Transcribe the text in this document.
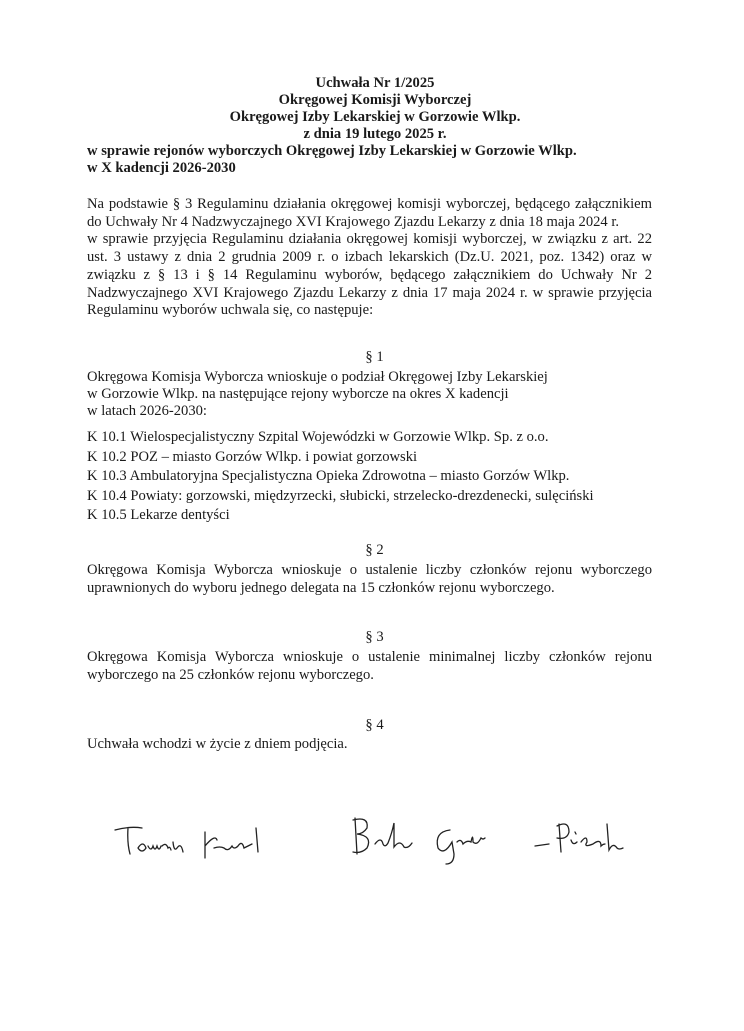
Uchwała Nr 1/2025
Okręgowej Komisji Wyborczej
Okręgowej Izby Lekarskiej w Gorzowie Wlkp.
z dnia 19 lutego 2025 r.
w sprawie rejonów wyborczych Okręgowej Izby Lekarskiej w Gorzowie Wlkp.
w X kadencji 2026-2030
Na podstawie § 3 Regulaminu działania okręgowej komisji wyborczej, będącego załącznikiem
do Uchwały Nr 4 Nadzwyczajnego XVI Krajowego Zjazdu Lekarzy z dnia 18 maja 2024 r.
w sprawie przyjęcia Regulaminu działania okręgowej komisji wyborczej, w związku z art. 22
ust. 3 ustawy z dnia 2 grudnia 2009 r. o izbach lekarskich (Dz.U. 2021, poz. 1342) oraz w
związku z § 13 i § 14 Regulaminu wyborów, będącego załącznikiem do Uchwały Nr 2
Nadzwyczajnego XVI Krajowego Zjazdu Lekarzy z dnia 17 maja 2024 r. w sprawie przyjęcia
Regulaminu wyborów uchwala się, co następuje:
§ 1
Okręgowa Komisja Wyborcza wnioskuje o podział Okręgowej Izby Lekarskiej
w Gorzowie Wlkp. na następujące rejony wyborcze na okres X kadencji
w latach 2026-2030:
K 10.1 Wielospecjalistyczny Szpital Wojewódzki w Gorzowie Wlkp. Sp. z o.o.
K 10.2 POZ – miasto Gorzów Wlkp. i powiat gorzowski
K 10.3 Ambulatoryjna Specjalistyczna Opieka Zdrowotna – miasto Gorzów Wlkp.
K 10.4 Powiaty: gorzowski, międzyrzecki, słubicki, strzelecko-drezdenecki, sulęciński
K 10.5 Lekarze dentyści
§ 2
Okręgowa Komisja Wyborcza wnioskuje o ustalenie liczby członków rejonu wyborczego
uprawnionych do wyboru jednego delegata na 15 członków rejonu wyborczego.
§ 3
Okręgowa Komisja Wyborcza wnioskuje o ustalenie minimalnej liczby członków rejonu
wyborczego na 25 członków rejonu wyborczego.
§ 4
Uchwała wchodzi w życie z dniem podjęcia.
